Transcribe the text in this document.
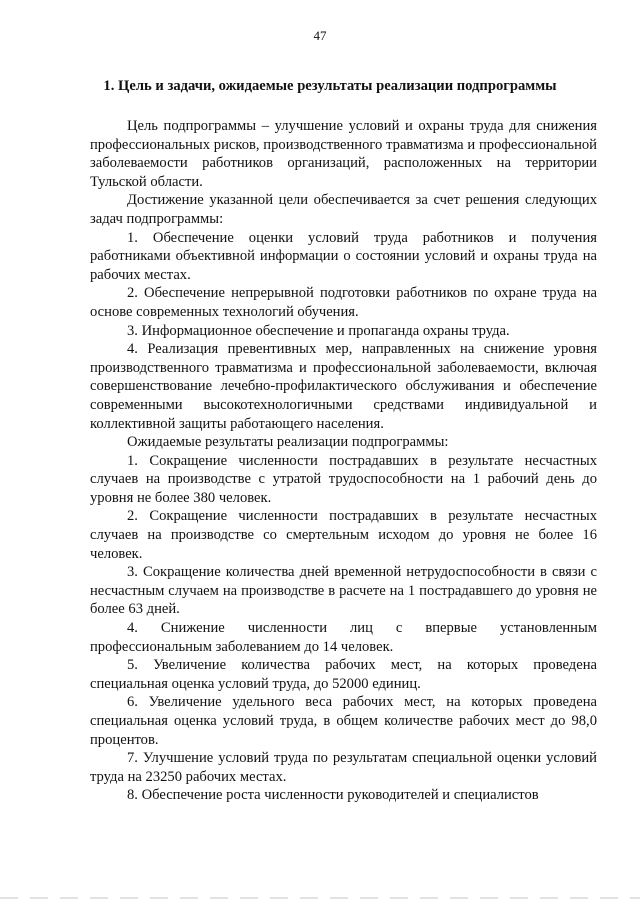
47
1. Цель и задачи, ожидаемые результаты реализации подпрограммы

Цель подпрограммы – улучшение условий и охраны труда для снижения профессиональных рисков, производственного травматизма и профессиональной заболеваемости работников организаций, расположенных на территории Тульской области.

Достижение указанной цели обеспечивается за счет решения следующих задач подпрограммы:

1. Обеспечение оценки условий труда работников и получения работниками объективной информации о состоянии условий и охраны труда на рабочих местах.

2. Обеспечение непрерывной подготовки работников по охране труда на основе современных технологий обучения.

3. Информационное обеспечение и пропаганда охраны труда.

4. Реализация превентивных мер, направленных на снижение уровня производственного травматизма и профессиональной заболеваемости, включая совершенствование лечебно-профилактического обслуживания и обеспечение современными высокотехнологичными средствами индивидуальной и коллективной защиты работающего населения.

Ожидаемые результаты реализации подпрограммы:

1. Сокращение численности пострадавших в результате несчастных случаев на производстве с утратой трудоспособности на 1 рабочий день до уровня не более 380 человек.

2. Сокращение численности пострадавших в результате несчастных случаев на производстве со смертельным исходом до уровня не более 16 человек.

3. Сокращение количества дней временной нетрудоспособности в связи с несчастным случаем на производстве в расчете на 1 пострадавшего до уровня не более 63 дней.

4. Снижение численности лиц с впервые установленным профессиональным заболеванием до 14 человек.

5. Увеличение количества рабочих мест, на которых проведена специальная оценка условий труда, до 52000 единиц.

6. Увеличение удельного веса рабочих мест, на которых проведена специальная оценка условий труда, в общем количестве рабочих мест до 98,0 процентов.

7. Улучшение условий труда по результатам специальной оценки условий труда на 23250 рабочих местах.

8. Обеспечение роста численности руководителей и специалистов
